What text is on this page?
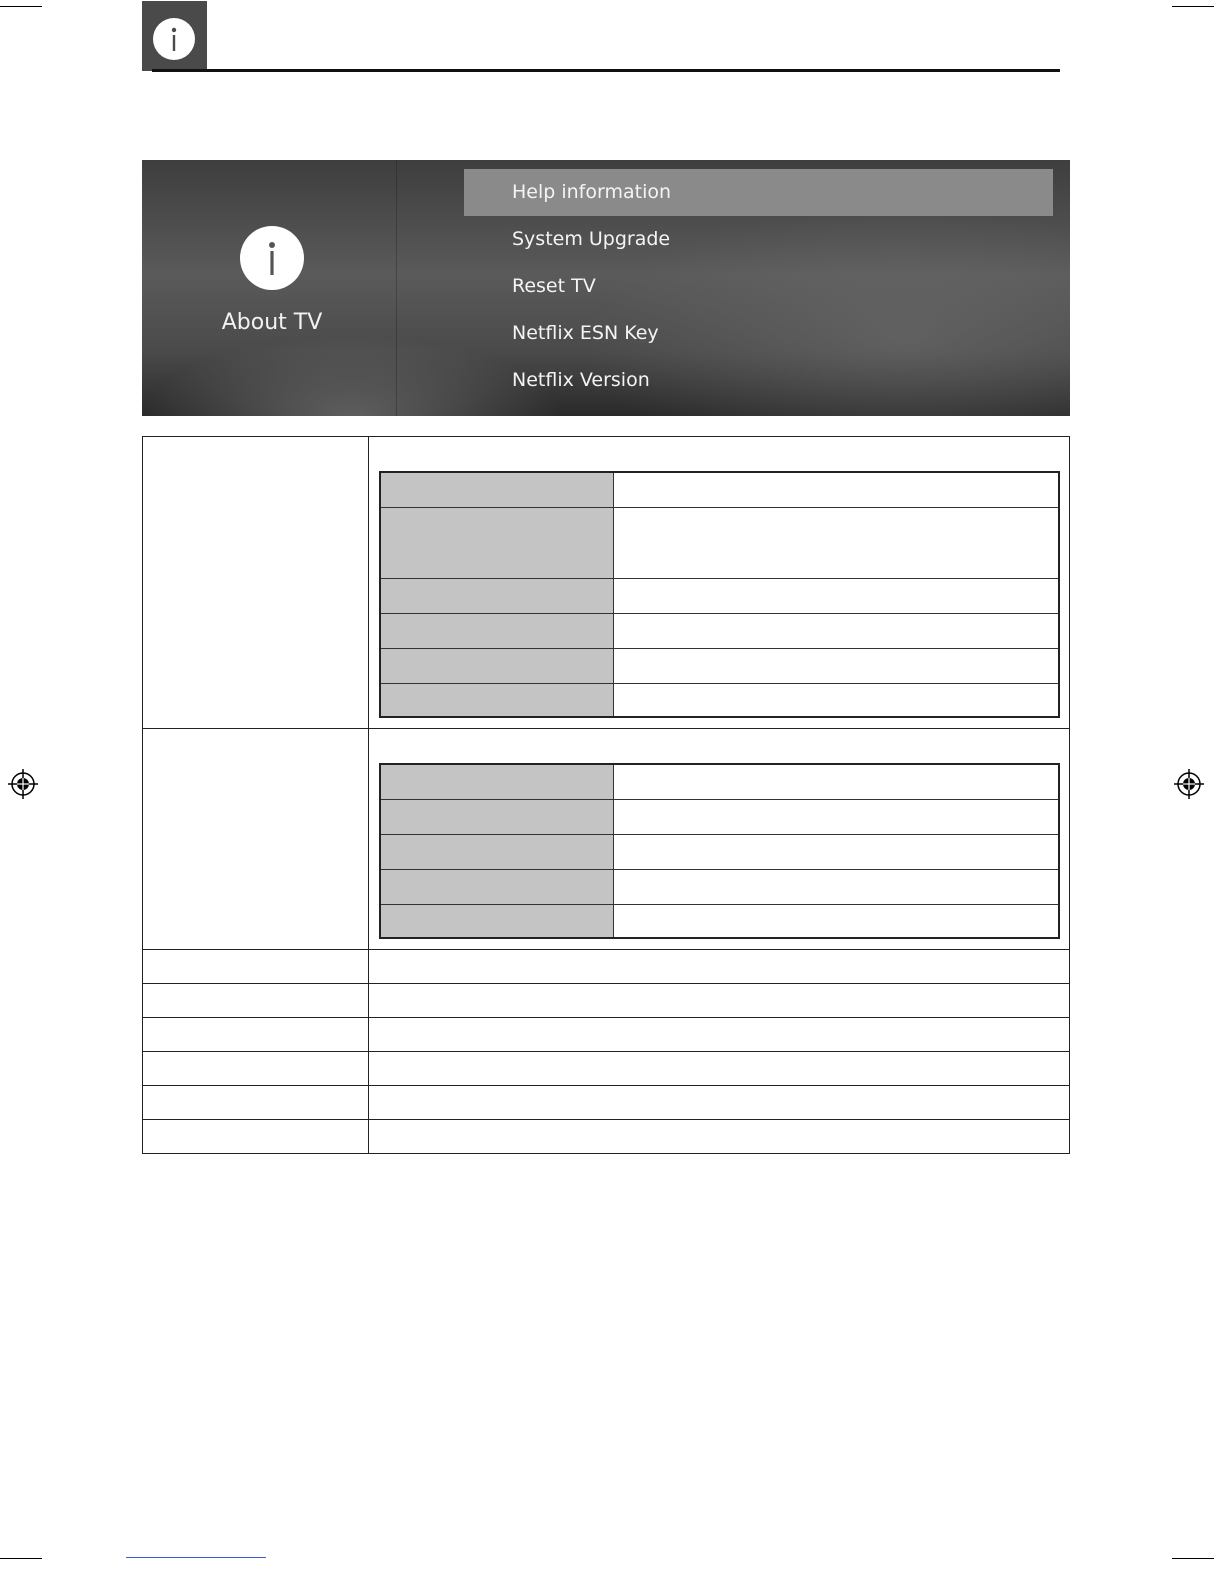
About TV
Help information
System Upgrade
Reset TV
Netflix ESN Key
Netflix Version
